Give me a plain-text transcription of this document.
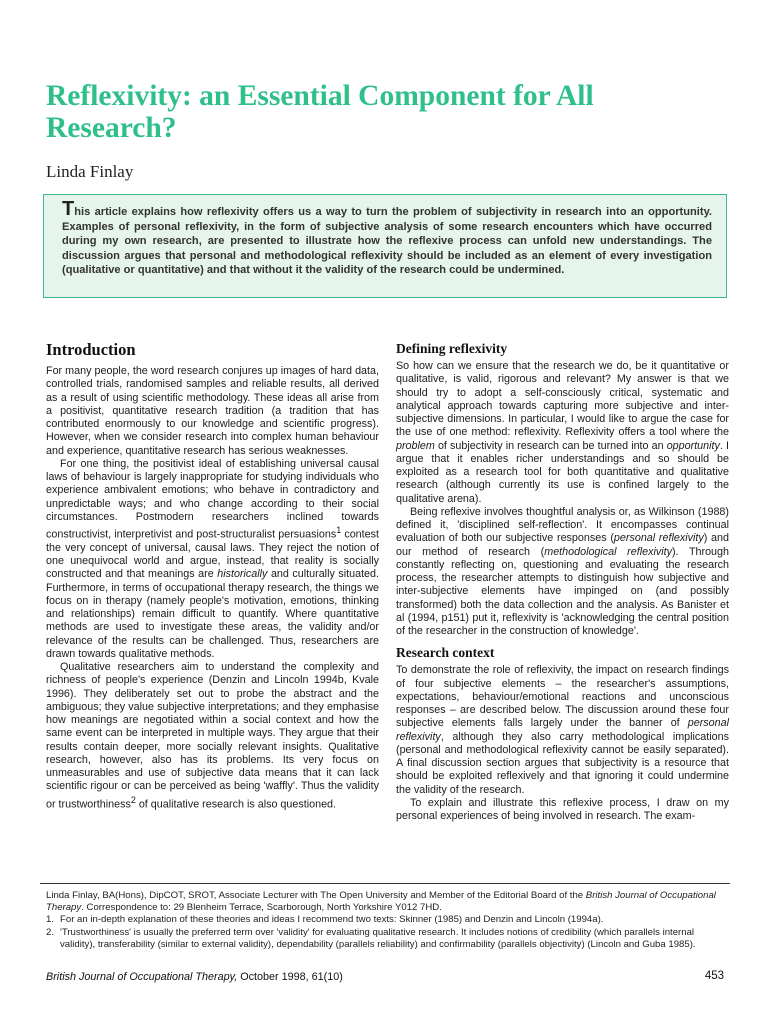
Reflexivity: an Essential Component for All Research?
Linda Finlay
This article explains how reflexivity offers us a way to turn the problem of subjectivity in research into an opportunity. Examples of personal reflexivity, in the form of subjective analysis of some research encounters which have occurred during my own research, are presented to illustrate how the reflexive process can unfold new understandings. The discussion argues that personal and methodological reflexivity should be included as an element of every investigation (qualitative or quantitative) and that without it the validity of the research could be undermined.
Introduction

For many people, the word research conjures up images of hard data, controlled trials, randomised samples and reliable results, all derived as a result of using scientific methodology. These ideas all arise from a positivist, quantitative research tradition (a tradition that has contributed enormously to our knowledge and scientific progress). However, when we consider research into complex human behaviour and experience, quantitative research has serious weaknesses.

For one thing, the positivist ideal of establishing universal causal laws of behaviour is largely inappropriate for studying individuals who experience ambivalent emotions; who behave in contradictory and unpredictable ways; and who change according to their social circumstances. Postmodern researchers inclined towards constructivist, interpretivist and post-structuralist persuasions$^1$ contest the very concept of universal, causal laws. They reject the notion of one unequivocal world and argue, instead, that reality is socially constructed and that meanings are historically and culturally situated. Furthermore, in terms of occupational therapy research, the things we focus on in therapy (namely people's motivation, emotions, thinking and relationships) remain difficult to quantify. Where quantitative methods are used to investigate these areas, the validity and/or relevance of the results can be challenged. Thus, researchers are drawn towards qualitative methods.

Qualitative researchers aim to understand the complexity and richness of people's experience (Denzin and Lincoln 1994b, Kvale 1996). They deliberately set out to probe the abstract and the ambiguous; they value subjective interpretations; and they emphasise how meanings are negotiated within a social context and how the same event can be interpreted in multiple ways. They argue that their results contain deeper, more socially relevant insights. Qualitative research, however, also has its problems. Its very focus on unmeasurables and use of subjective data means that it can lack scientific rigour or can be perceived as being 'waffly'. Thus the validity or trustworthiness$^2$ of qualitative research is also questioned.

Defining reflexivity

So how can we ensure that the research we do, be it quantitative or qualitative, is valid, rigorous and relevant? My answer is that we should try to adopt a self-consciously critical, systematic and analytical approach towards capturing more subjective and inter-subjective dimensions. In particular, I would like to argue the case for the use of one method: reflexivity. Reflexivity offers a tool where the problem of subjectivity in research can be turned into an opportunity. I argue that it enables richer understandings and so should be exploited as a research tool for both quantitative and qualitative research (although currently its use is confined largely to the qualitative arena).

Being reflexive involves thoughtful analysis or, as Wilkinson (1988) defined it, 'disciplined self-reflection'. It encompasses continual evaluation of both our subjective responses (personal reflexivity) and our method of research (methodological reflexivity). Through constantly reflecting on, questioning and evaluating the research process, the researcher attempts to distinguish how subjective and inter-subjective elements have impinged on (and possibly transformed) both the data collection and the analysis. As Banister et al (1994, p151) put it, reflexivity is 'acknowledging the central position of the researcher in the construction of knowledge'.

Research context

To demonstrate the role of reflexivity, the impact on research findings of four subjective elements – the researcher's assumptions, expectations, behaviour/emotional reactions and unconscious responses – are described below. The discussion around these four subjective elements falls largely under the banner of personal reflexivity, although they also carry methodological implications (personal and methodological reflexivity cannot be easily separated). A final discussion section argues that subjectivity is a resource that should be exploited reflexively and that ignoring it could undermine the validity of the research.

To explain and illustrate this reflexive process, I draw on my personal experiences of being involved in research. The exam-

Linda Finlay, BA(Hons), DipCOT, SROT, Associate Lecturer with The Open University and Member of the Editorial Board of the British Journal of Occupational Therapy. Correspondence to: 29 Blenheim Terrace, Scarborough, North Yorkshire Y012 7HD.

1. For an in-depth explanation of these theories and ideas I recommend two texts: Skinner (1985) and Denzin and Lincoln (1994a).
2. 'Trustworthiness' is usually the preferred term over 'validity' for evaluating qualitative research. It includes notions of credibility (which parallels internal validity), transferability (similar to external validity), dependability (parallels reliability) and confirmability (parallels objectivity) (Lincoln and Guba 1985).
British Journal of Occupational Therapy, October 1998, 61(10)	453
